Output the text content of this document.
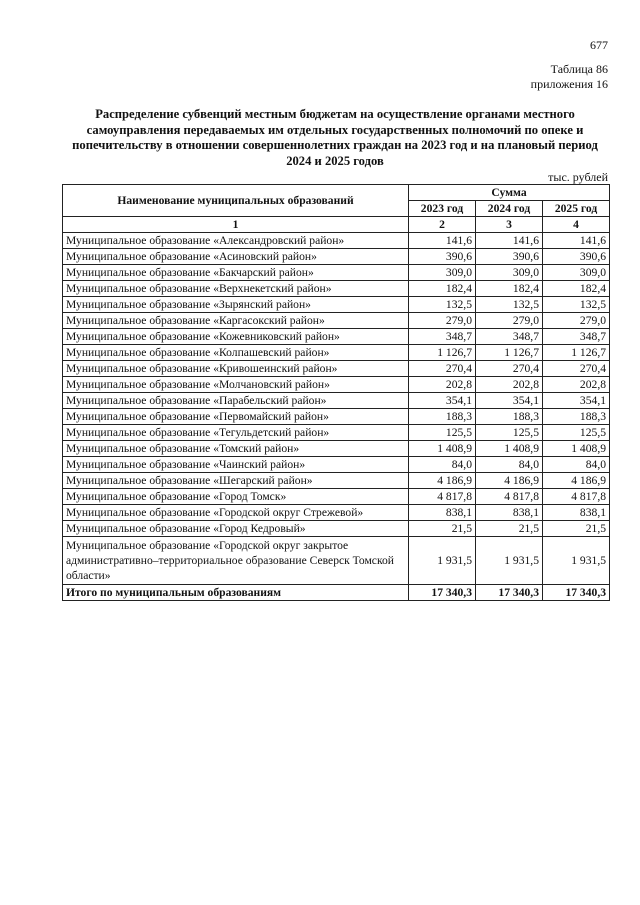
677
Таблица 86
приложения 16
Распределение субвенций местным бюджетам на осуществление органами местного самоуправления передаваемых им отдельных государственных полномочий по опеке и попечительству в отношении совершеннолетних граждан на 2023 год и на плановый период 2024 и 2025 годов
тыс. рублей
Наименование муниципальных образований	Сумма		
	2023 год	2024 год	2025 год
1	2	3	4
Муниципальное образование «Александровский район»	141,6	141,6	141,6
Муниципальное образование «Асиновский район»	390,6	390,6	390,6
Муниципальное образование «Бакчарский район»	309,0	309,0	309,0
Муниципальное образование «Верхнекетский район»	182,4	182,4	182,4
Муниципальное образование «Зырянский район»	132,5	132,5	132,5
Муниципальное образование «Каргасокский район»	279,0	279,0	279,0
Муниципальное образование «Кожевниковский район»	348,7	348,7	348,7
Муниципальное образование «Колпашевский район»	1 126,7	1 126,7	1 126,7
Муниципальное образование «Кривошеинский район»	270,4	270,4	270,4
Муниципальное образование «Молчановский район»	202,8	202,8	202,8
Муниципальное образование «Парабельский район»	354,1	354,1	354,1
Муниципальное образование «Первомайский район»	188,3	188,3	188,3
Муниципальное образование «Тегульдетский район»	125,5	125,5	125,5
Муниципальное образование «Томский район»	1 408,9	1 408,9	1 408,9
Муниципальное образование «Чаинский район»	84,0	84,0	84,0
Муниципальное образование «Шегарский район»	4 186,9	4 186,9	4 186,9
Муниципальное образование «Город Томск»	4 817,8	4 817,8	4 817,8
Муниципальное образование «Городской округ Стрежевой»	838,1	838,1	838,1
Муниципальное образование «Город Кедровый»	21,5	21,5	21,5
Муниципальное образование «Городской округ закрытое административно–территориальное образование Северск Томской области»	1 931,5	1 931,5	1 931,5
Итого по муниципальным образованиям	17 340,3	17 340,3	17 340,3
